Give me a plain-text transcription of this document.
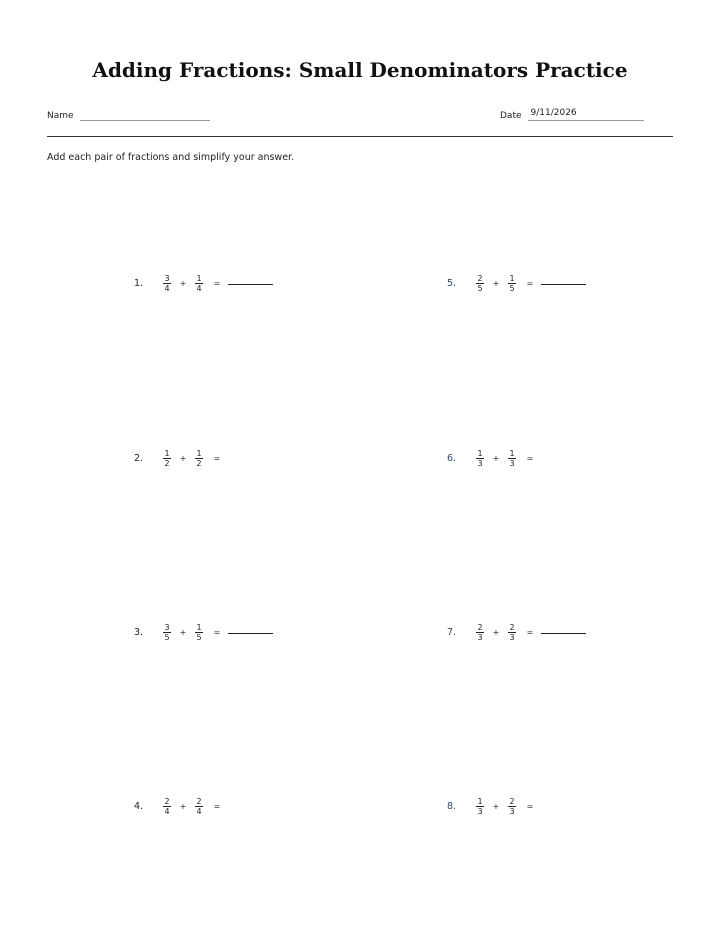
Adding Fractions: Small Denominators Practice
Name	Date 9/11/2026
Add each pair of fractions and simplify your answer.
1.	$\frac{3}{4} + \frac{1}{4}$	=
2.	$\frac{1}{2} + \frac{1}{2}$	=
3.	$\frac{3}{5} + \frac{1}{5}$	=
4.	$\frac{2}{4} + \frac{2}{4}$	=
5.	$\frac{2}{5} + \frac{1}{5}$	=
6.	$\frac{1}{3} + \frac{1}{3}$	=
7.	$\frac{2}{3} + \frac{2}{3}$	=
8.	$\frac{1}{3} + \frac{2}{3}$	=
